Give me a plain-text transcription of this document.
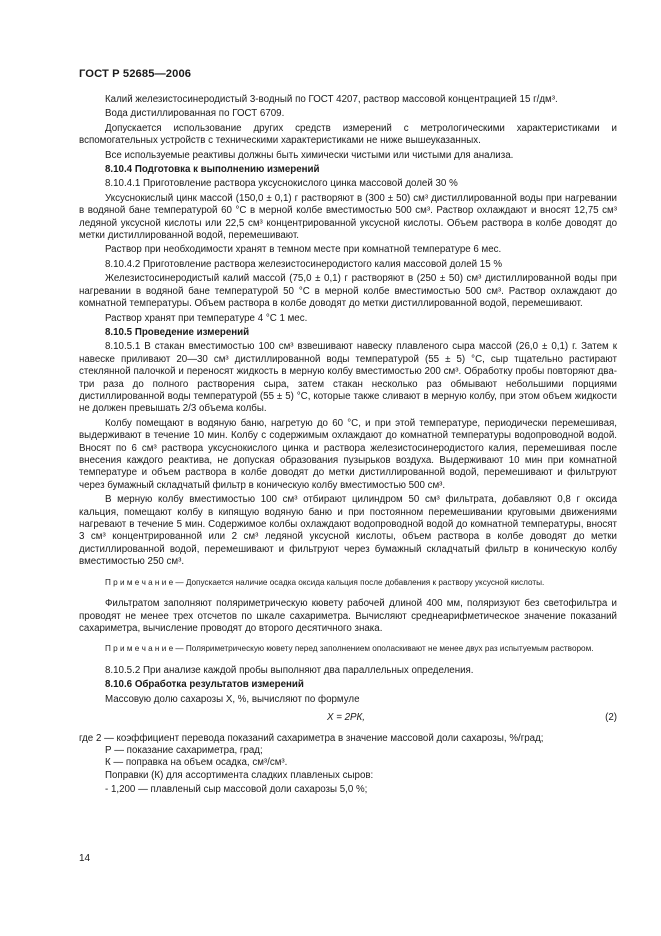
ГОСТ Р 52685—2006

Калий железистосинеродистый 3-водный по ГОСТ 4207, раствор массовой концентрацией 15 г/дм³.

Вода дистиллированная по ГОСТ 6709.

Допускается использование других средств измерений с метрологическими характеристиками и вспомогательных устройств с техническими характеристиками не ниже вышеуказанных.

Все используемые реактивы должны быть химически чистыми или чистыми для анализа.

8.10.4 Подготовка к выполнению измерений

8.10.4.1 Приготовление раствора уксуснокислого цинка массовой долей 30 %

Уксуснокислый цинк массой (150,0 ± 0,1) г растворяют в (300 ± 50) см³ дистиллированной воды при нагревании в водяной бане температурой 60 °С в мерной колбе вместимостью 500 см³. Раствор охлаждают и вносят 12,75 см³ ледяной уксусной кислоты или 22,5 см³ концентрированной уксусной кислоты. Объем раствора в колбе доводят до метки дистиллированной водой, перемешивают.

Раствор при необходимости хранят в темном месте при комнатной температуре 6 мес.

8.10.4.2 Приготовление раствора железистосинеродистого калия массовой долей 15 %

Железистосинеродистый калий массой (75,0 ± 0,1) г растворяют в (250 ± 50) см³ дистиллированной воды при нагревании в водяной бане температурой 50 °С в мерной колбе вместимостью 500 см³. Раствор охлаждают до комнатной температуры. Объем раствора в колбе доводят до метки дистиллированной водой, перемешивают.

Раствор хранят при температуре 4 °С 1 мес.

8.10.5 Проведение измерений

8.10.5.1 В стакан вместимостью 100 см³ взвешивают навеску плавленого сыра массой (26,0 ± 0,1) г. Затем к навеске приливают 20—30 см³ дистиллированной воды температурой (55 ± 5) °С, сыр тщательно растирают стеклянной палочкой и переносят жидкость в мерную колбу вместимостью 200 см³. Обработку пробы повторяют два-три раза до полного растворения сыра, затем стакан несколько раз обмывают небольшими порциями дистиллированной воды температурой (55 ± 5) °С, которые также сливают в мерную колбу, при этом объем жидкости не должен превышать 2/3 объема колбы.

Колбу помещают в водяную баню, нагретую до 60 °С, и при этой температуре, периодически перемешивая, выдерживают в течение 10 мин. Колбу с содержимым охлаждают до комнатной температуры водопроводной водой. Вносят по 6 см³ раствора уксуснокислого цинка и раствора железистосинеродистого калия, перемешивая после внесения каждого реактива, не допуская образования пузырьков воздуха. Выдерживают 10 мин при комнатной температуре и объем раствора в колбе доводят до метки дистиллированной водой, перемешивают и фильтруют через бумажный складчатый фильтр в коническую колбу вместимостью 500 см³.

В мерную колбу вместимостью 100 см³ отбирают цилиндром 50 см³ фильтрата, добавляют 0,8 г оксида кальция, помещают колбу в кипящую водяную баню и при постоянном перемешивании круговыми движениями нагревают в течение 5 мин. Содержимое колбы охлаждают водопроводной водой до комнатной температуры, вносят 3 см³ концентрированной или 2 см³ ледяной уксусной кислоты, объем раствора в колбе доводят до метки дистиллированной водой, перемешивают и фильтруют через бумажный складчатый фильтр в коническую колбу вместимостью 250 см³.

П р и м е ч а н и е — Допускается наличие осадка оксида кальция после добавления к раствору уксусной кислоты.

Фильтратом заполняют поляриметрическую кювету рабочей длиной 400 мм, поляризуют без светофильтра и проводят не менее трех отсчетов по шкале сахариметра. Вычисляют среднеарифметическое значение показаний сахариметра, вычисление проводят до второго десятичного знака.

П р и м е ч а н и е — Поляриметрическую кювету перед заполнением ополаскивают не менее двух раз испытуемым раствором.

8.10.5.2 При анализе каждой пробы выполняют два параллельных определения.

8.10.6 Обработка результатов измерений

Массовую долю сахарозы Х, %, вычисляют по формуле

Х = 2РК,	(2)

где 2 — коэффициент перевода показаний сахариметра в значение массовой доли сахарозы, %/град;

Р — показание сахариметра, град;

К — поправка на объем осадка, см³/см³.

Поправки (К) для ассортимента сладких плавленых сыров:

- 1,200 — плавленый сыр массовой доли сахарозы 5,0 %;

14
